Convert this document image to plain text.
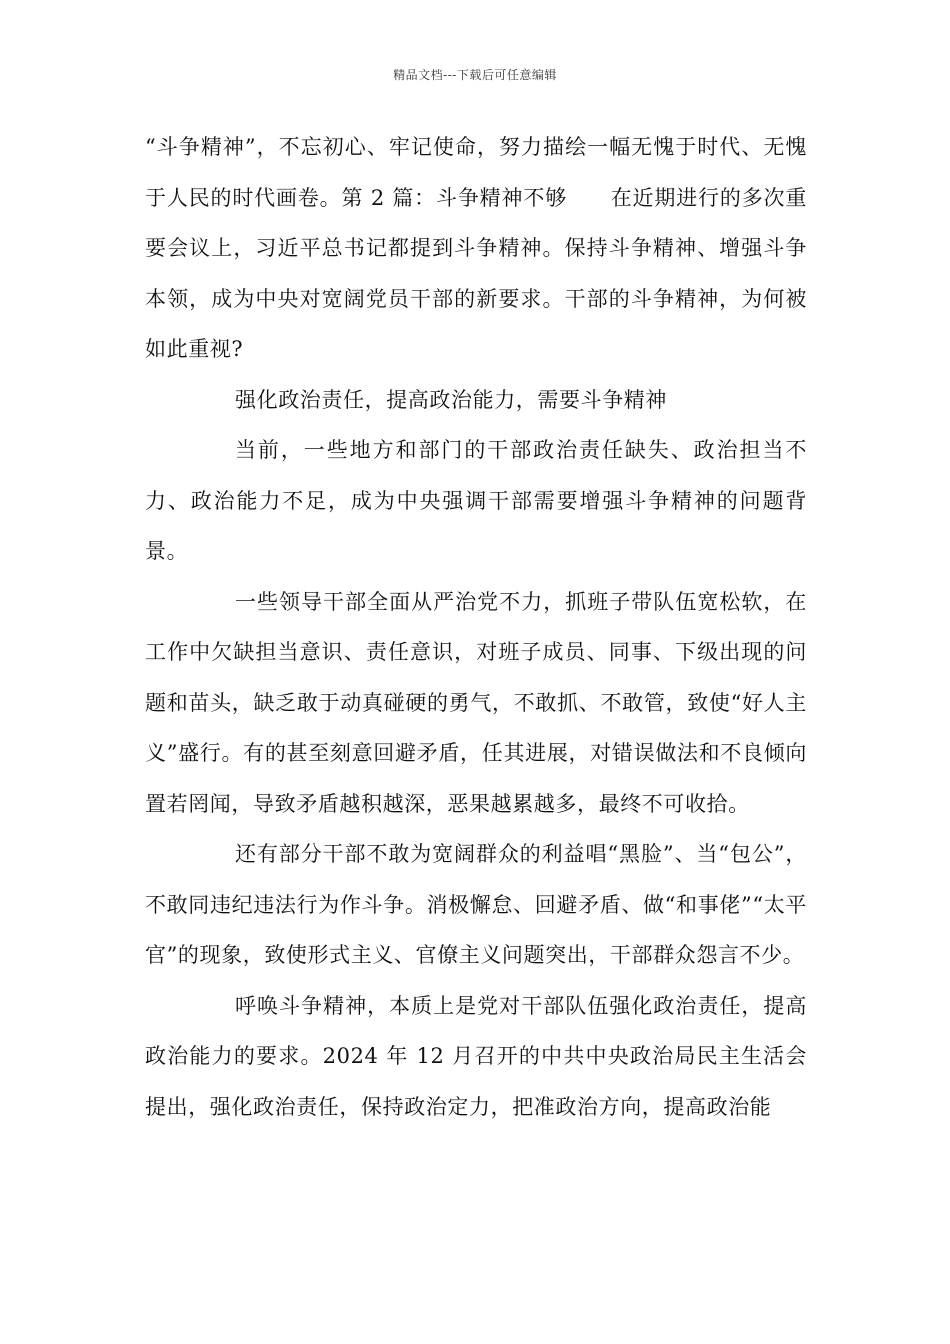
精品文档---下载后可任意编辑

“斗争精神”，不忘初心、牢记使命，努力描绘一幅无愧于时代、无愧于人民的时代画卷。第 2 篇：斗争精神不够　　在近期进行的多次重要会议上，习近平总书记都提到斗争精神。保持斗争精神、增强斗争本领，成为中央对宽阔党员干部的新要求。干部的斗争精神，为何被如此重视?

强化政治责任，提高政治能力，需要斗争精神

当前，一些地方和部门的干部政治责任缺失、政治担当不力、政治能力不足，成为中央强调干部需要增强斗争精神的问题背景。

一些领导干部全面从严治党不力，抓班子带队伍宽松软，在工作中欠缺担当意识、责任意识，对班子成员、同事、下级出现的问题和苗头，缺乏敢于动真碰硬的勇气，不敢抓、不敢管，致使“好人主义”盛行。有的甚至刻意回避矛盾，任其进展，对错误做法和不良倾向置若罔闻，导致矛盾越积越深，恶果越累越多，最终不可收拾。

还有部分干部不敢为宽阔群众的利益唱“黑脸”、当“包公”，不敢同违纪违法行为作斗争。消极懈怠、回避矛盾、做“和事佬”“太平官”的现象，致使形式主义、官僚主义问题突出，干部群众怨言不少。

呼唤斗争精神，本质上是党对干部队伍强化政治责任，提高政治能力的要求。2024 年 12 月召开的中共中央政治局民主生活会提出，强化政治责任，保持政治定力，把准政治方向，提高政治能
